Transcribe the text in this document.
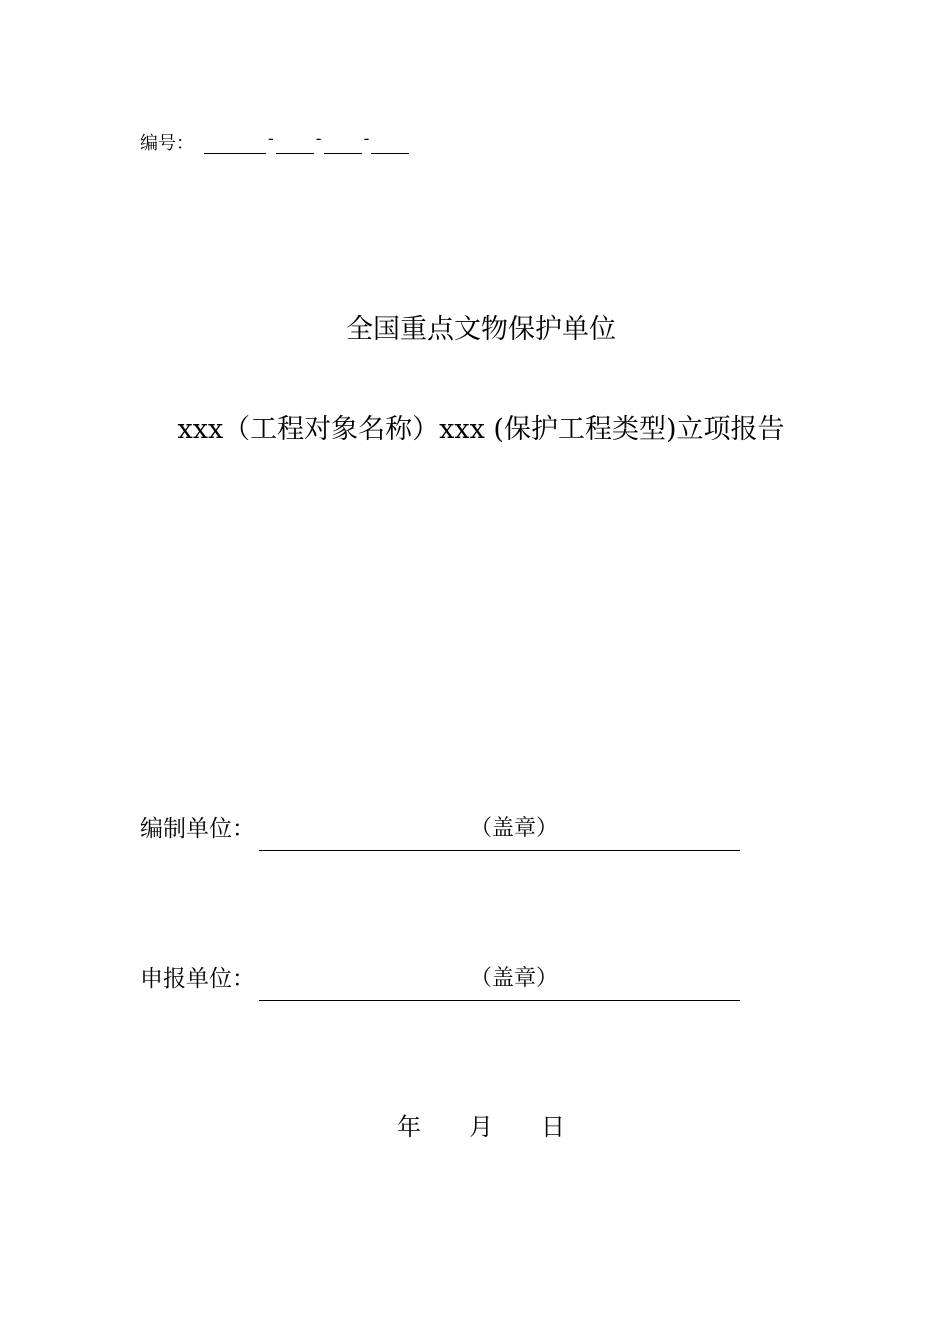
编号：	-	-	-
全国重点文物保护单位
xxx（工程对象名称）xxx (保护工程类型)立项报告
编制单位：	（盖章）
申报单位：	（盖章）
年 月 日
